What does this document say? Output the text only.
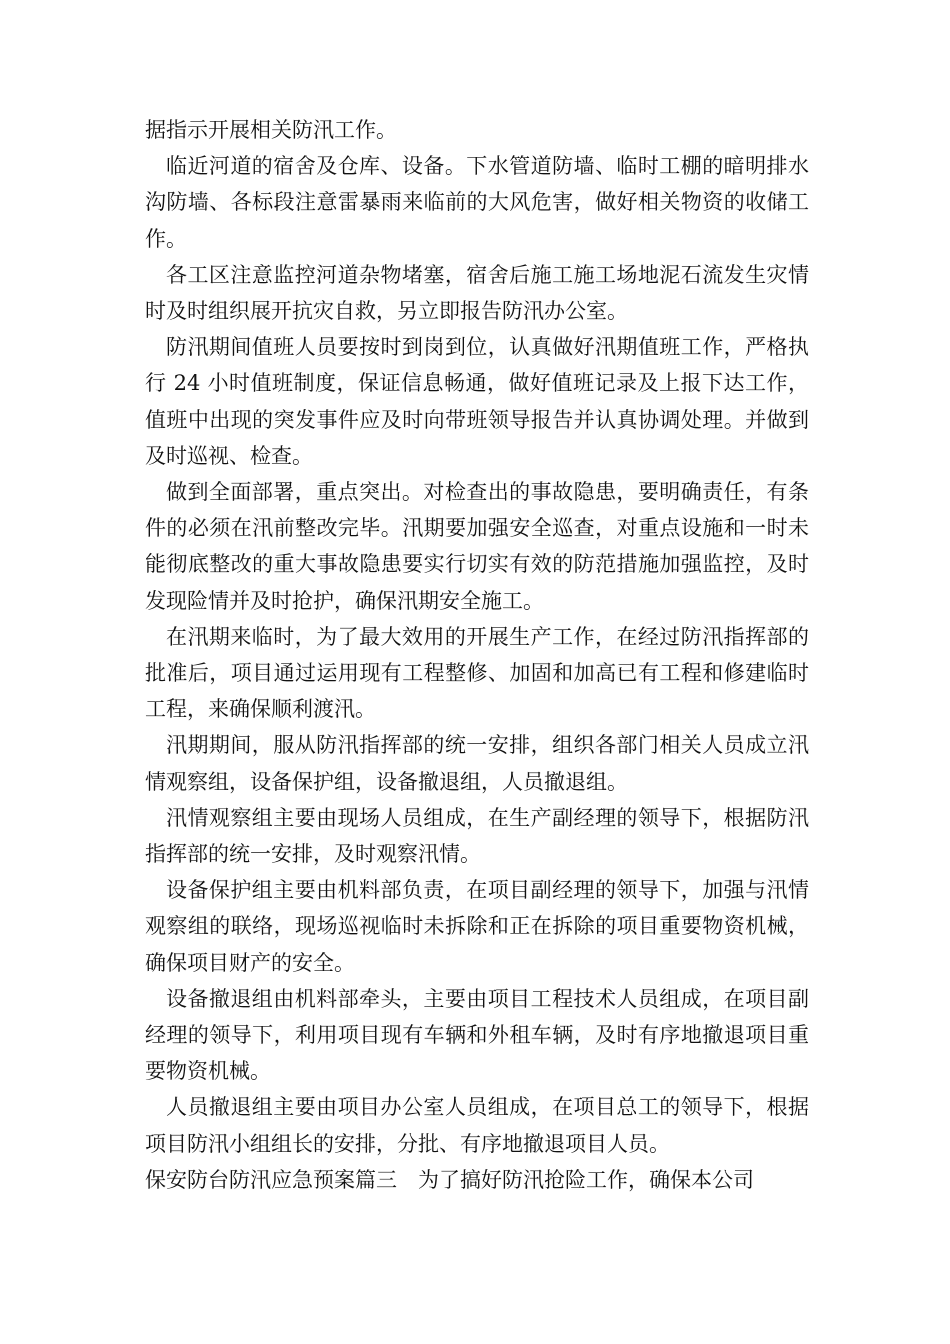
据指示开展相关防汛工作。

临近河道的宿舍及仓库、设备。下水管道防墙、临时工棚的暗明排水沟防墙、各标段注意雷暴雨来临前的大风危害，做好相关物资的收储工作。

各工区注意监控河道杂物堵塞，宿舍后施工施工场地泥石流发生灾情时及时组织展开抗灾自救，另立即报告防汛办公室。

防汛期间值班人员要按时到岗到位，认真做好汛期值班工作，严格执行 24 小时值班制度，保证信息畅通，做好值班记录及上报下达工作，值班中出现的突发事件应及时向带班领导报告并认真协调处理。并做到及时巡视、检查。

做到全面部署，重点突出。对检查出的事故隐患，要明确责任，有条件的必须在汛前整改完毕。汛期要加强安全巡查，对重点设施和一时未能彻底整改的重大事故隐患要实行切实有效的防范措施加强监控，及时发现险情并及时抢护，确保汛期安全施工。

在汛期来临时，为了最大效用的开展生产工作，在经过防汛指挥部的批准后，项目通过运用现有工程整修、加固和加高已有工程和修建临时工程，来确保顺利渡汛。

汛期期间，服从防汛指挥部的统一安排，组织各部门相关人员成立汛情观察组，设备保护组，设备撤退组，人员撤退组。

汛情观察组主要由现场人员组成，在生产副经理的领导下，根据防汛指挥部的统一安排，及时观察汛情。

设备保护组主要由机料部负责，在项目副经理的领导下，加强与汛情观察组的联络，现场巡视临时未拆除和正在拆除的项目重要物资机械，确保项目财产的安全。

设备撤退组由机料部牵头，主要由项目工程技术人员组成，在项目副经理的领导下，利用项目现有车辆和外租车辆，及时有序地撤退项目重要物资机械。

人员撤退组主要由项目办公室人员组成，在项目总工的领导下，根据项目防汛小组组长的安排，分批、有序地撤退项目人员。

保安防台防汛应急预案篇三  为了搞好防汛抢险工作，确保本公司
